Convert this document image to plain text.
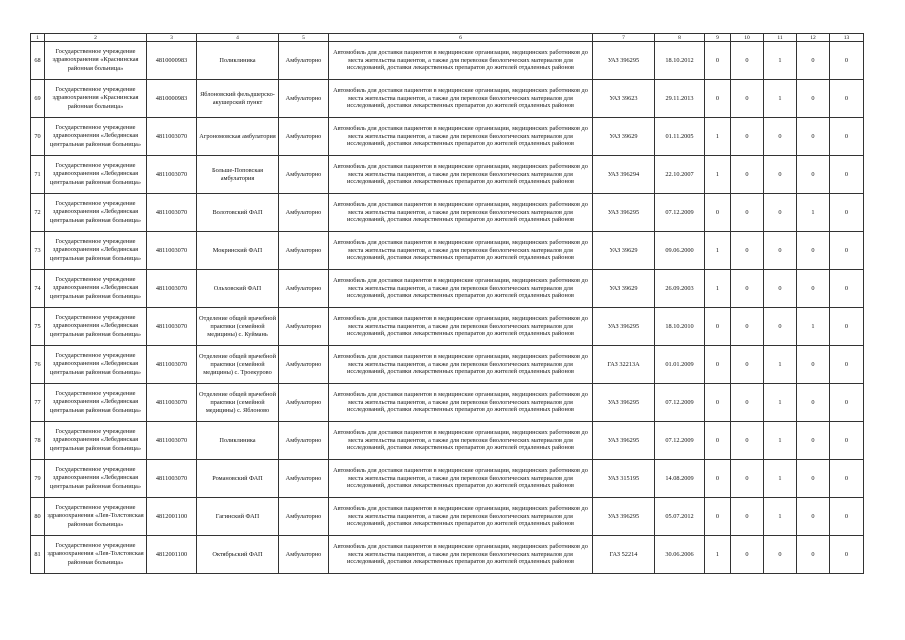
1	2	3	4	5	6	7	8	9	10	11	12	13
68	Государственное учреждение здравоохранения «Краснинская районная больница»	4810000983	Поликлиника	Амбулаторно	Автомобиль для доставки пациентов в медицинские организации, медицинских работников до места жительства пациентов, а также для перевозки биологических материалов для исследований, доставки лекарственных препаратов до жителей отдаленных районов	УАЗ 396295	18.10.2012	0	0	1	0	0
69	Государственное учреждение здравоохранения «Краснинская районная больница»	4810000983	Яблоновский фельдшерско-акушерский пункт	Амбулаторно	Автомобиль для доставки пациентов в медицинские организации, медицинских работников до места жительства пациентов, а также для перевозки биологических материалов для исследований, доставки лекарственных препаратов до жителей отдаленных районов	УАЗ 39623	29.11.2013	0	0	1	0	0
70	Государственное учреждение здравоохранения «Лебедянская центральная районная больница»	4811003070	Агрономовская амбулатория	Амбулаторно	Автомобиль для доставки пациентов в медицинские организации, медицинских работников до места жительства пациентов, а также для перевозки биологических материалов для исследований, доставки лекарственных препаратов до жителей отдаленных районов	УАЗ 39629	01.11.2005	1	0	0	0	0
71	Государственное учреждение здравоохранения «Лебедянская центральная районная больница»	4811003070	Больше-Поповская амбулатория	Амбулаторно	Автомобиль для доставки пациентов в медицинские организации, медицинских работников до места жительства пациентов, а также для перевозки биологических материалов для исследований, доставки лекарственных препаратов до жителей отдаленных районов	УАЗ 396294	22.10.2007	1	0	0	0	0
72	Государственное учреждение здравоохранения «Лебедянская центральная районная больница»	4811003070	Волотовский ФАП	Амбулаторно	Автомобиль для доставки пациентов в медицинские организации, медицинских работников до места жительства пациентов, а также для перевозки биологических материалов для исследований, доставки лекарственных препаратов до жителей отдаленных районов	УАЗ 396295	07.12.2009	0	0	0	1	0
73	Государственное учреждение здравоохранения «Лебедянская центральная районная больница»	4811003070	Мокринский ФАП	Амбулаторно	Автомобиль для доставки пациентов в медицинские организации, медицинских работников до места жительства пациентов, а также для перевозки биологических материалов для исследований, доставки лекарственных препаратов до жителей отдаленных районов	УАЗ 39629	09.06.2000	1	0	0	0	0
74	Государственное учреждение здравоохранения «Лебедянская центральная районная больница»	4811003070	Ольховский ФАП	Амбулаторно	Автомобиль для доставки пациентов в медицинские организации, медицинских работников до места жительства пациентов, а также для перевозки биологических материалов для исследований, доставки лекарственных препаратов до жителей отдаленных районов	УАЗ 39629	26.09.2003	1	0	0	0	0
75	Государственное учреждение здравоохранения «Лебедянская центральная районная больница»	4811003070	Отделение общей врачебной практики (семейной медицины) с. Куймань	Амбулаторно	Автомобиль для доставки пациентов в медицинские организации, медицинских работников до места жительства пациентов, а также для перевозки биологических материалов для исследований, доставки лекарственных препаратов до жителей отдаленных районов	УАЗ 396295	18.10.2010	0	0	0	1	0
76	Государственное учреждение здравоохранения «Лебедянская центральная районная больница»	4811003070	Отделение общей врачебной практики (семейной медицины) с. Троекурово	Амбулаторно	Автомобиль для доставки пациентов в медицинские организации, медицинских работников до места жительства пациентов, а также для перевозки биологических материалов для исследований, доставки лекарственных препаратов до жителей отдаленных районов	ГАЗ 32213А	01.01.2009	0	0	1	0	0
77	Государственное учреждение здравоохранения «Лебедянская центральная районная больница»	4811003070	Отделение общей врачебной практики (семейной медицины) с. Яблоново	Амбулаторно	Автомобиль для доставки пациентов в медицинские организации, медицинских работников до места жительства пациентов, а также для перевозки биологических материалов для исследований, доставки лекарственных препаратов до жителей отдаленных районов	УАЗ 396295	07.12.2009	0	0	1	0	0
78	Государственное учреждение здравоохранения «Лебедянская центральная районная больница»	4811003070	Поликлиника	Амбулаторно	Автомобиль для доставки пациентов в медицинские организации, медицинских работников до места жительства пациентов, а также для перевозки биологических материалов для исследований, доставки лекарственных препаратов до жителей отдаленных районов	УАЗ 396295	07.12.2009	0	0	1	0	0
79	Государственное учреждение здравоохранения «Лебедянская центральная районная больница»	4811003070	Романовский ФАП	Амбулаторно	Автомобиль для доставки пациентов в медицинские организации, медицинских работников до места жительства пациентов, а также для перевозки биологических материалов для исследований, доставки лекарственных препаратов до жителей отдаленных районов	УАЗ 315195	14.08.2009	0	0	1	0	0
80	Государственное учреждение здравоохранения «Лев-Толстовская районная больница»	4812001100	Гагинский ФАП	Амбулаторно	Автомобиль для доставки пациентов в медицинские организации, медицинских работников до места жительства пациентов, а также для перевозки биологических материалов для исследований, доставки лекарственных препаратов до жителей отдаленных районов	УАЗ 396295	05.07.2012	0	0	1	0	0
81	Государственное учреждение здравоохранения «Лев-Толстовская районная больница»	4812001100	Октябрьский ФАП	Амбулаторно	Автомобиль для доставки пациентов в медицинские организации, медицинских работников до места жительства пациентов, а также для перевозки биологических материалов для исследований, доставки лекарственных препаратов до жителей отдаленных районов	ГАЗ 52214	30.06.2006	1	0	0	0	0
